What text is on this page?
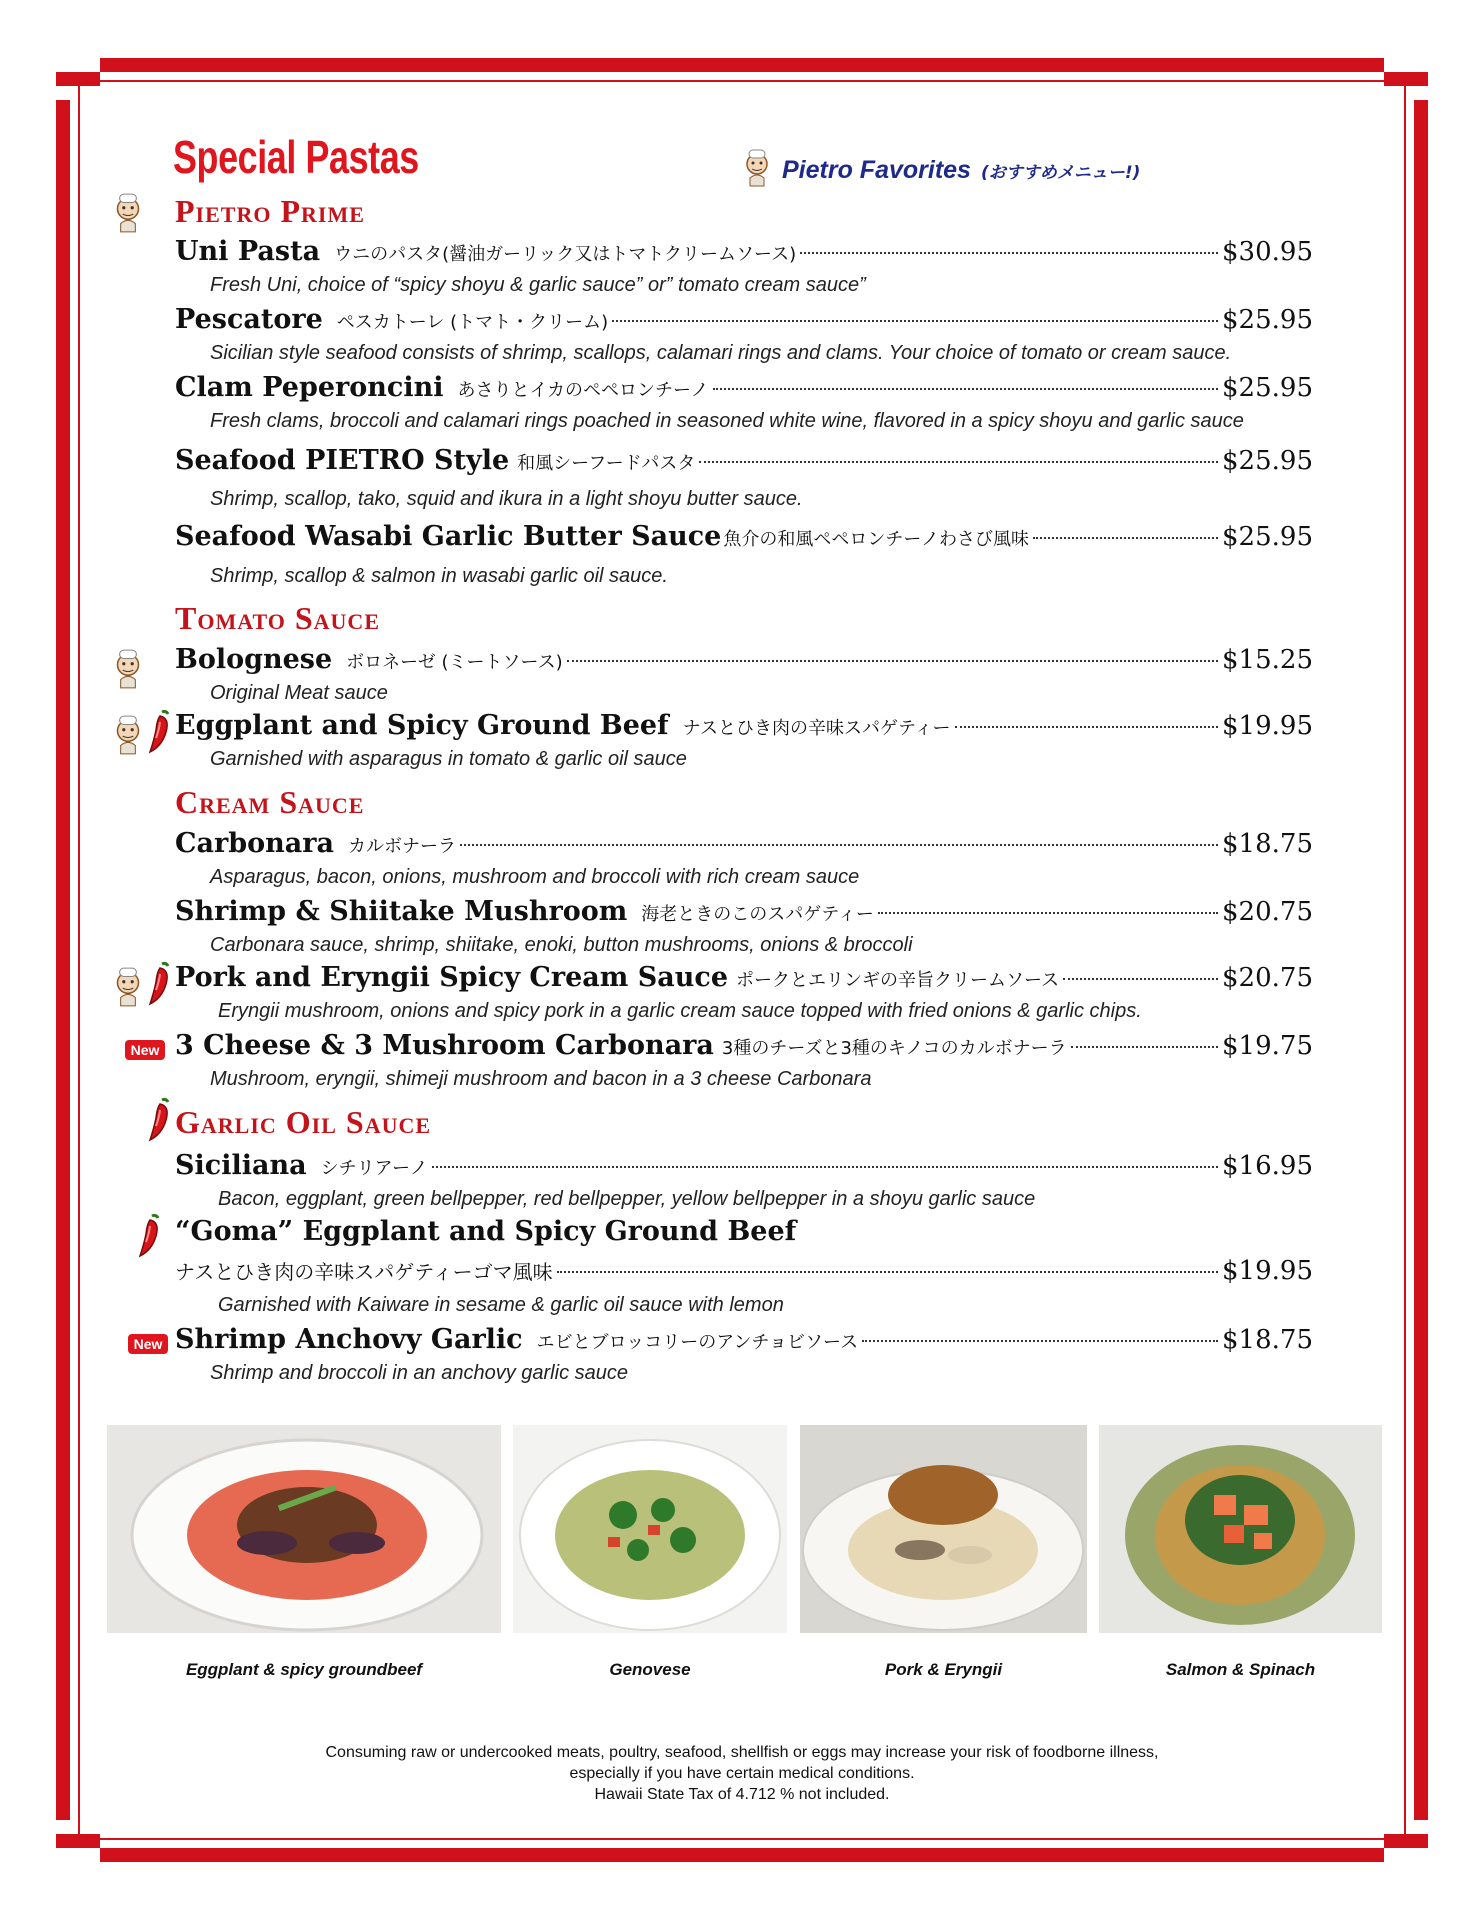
Special Pastas	Pietro Favorites (おすすめメニュー!)
Pietro Prime
Uni Pasta ウニのパスタ(醤油ガーリック又はトマトクリームソース)	$30.95
Fresh Uni, choice of “spicy shoyu & garlic sauce” or” tomato cream sauce”
Pescatore ペスカトーレ (トマト・クリーム)	$25.95
Sicilian style seafood consists of shrimp, scallops, calamari rings and clams. Your choice of tomato or cream sauce.
Clam Peperoncini あさりとイカのペペロンチーノ	$25.95
Fresh clams, broccoli and calamari rings poached in seasoned white wine, flavored in a spicy shoyu and garlic sauce
Seafood PIETRO Style 和風シーフードパスタ	$25.95
Shrimp, scallop, tako, squid and ikura in a light shoyu butter sauce.
Seafood Wasabi Garlic Butter Sauce 魚介の和風ペペロンチーノわさび風味	$25.95
Shrimp, scallop & salmon in wasabi garlic oil sauce.
Tomato Sauce
Bolognese ボロネーゼ (ミートソース)	$15.25
Original Meat sauce
Eggplant and Spicy Ground Beef ナスとひき肉の辛味スパゲティー	$19.95
Garnished with asparagus in tomato & garlic oil sauce
Cream Sauce
Carbonara カルボナーラ	$18.75
Asparagus, bacon, onions, mushroom and broccoli with rich cream sauce
Shrimp & Shiitake Mushroom 海老ときのこのスパゲティー	$20.75
Carbonara sauce, shrimp, shiitake, enoki, button mushrooms, onions & broccoli
Pork and Eryngii Spicy Cream Sauce ポークとエリンギの辛旨クリームソース	$20.75
Eryngii mushroom, onions and spicy pork in a garlic cream sauce topped with fried onions & garlic chips.
New 3 Cheese & 3 Mushroom Carbonara 3種のチーズと3種のキノコのカルボナーラ	$19.75
Mushroom, eryngii, shimeji mushroom and bacon in a 3 cheese Carbonara
Garlic Oil Sauce
Siciliana シチリアーノ	$16.95
Bacon, eggplant, green bellpepper, red bellpepper, yellow bellpepper in a shoyu garlic sauce
“Goma” Eggplant and Spicy Ground Beef
ナスとひき肉の辛味スパゲティーゴマ風味	$19.95
Garnished with Kaiware in sesame & garlic oil sauce with lemon
New Shrimp Anchovy Garlic エビとブロッコリーのアンチョビソース	$18.75
Shrimp and broccoli in an anchovy garlic sauce
Eggplant & spicy groundbeef	Genovese	Pork & Eryngii	Salmon & Spinach
Consuming raw or undercooked meats, poultry, seafood, shellfish or eggs may increase your risk of foodborne illness,
especially if you have certain medical conditions.
Hawaii State Tax of 4.712 % not included.
